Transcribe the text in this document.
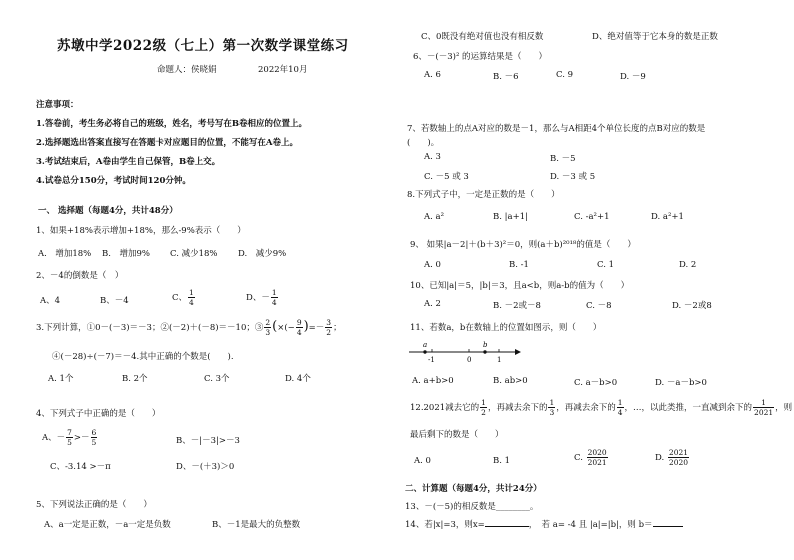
苏墩中学2022级（七上）第一次数学课堂练习
命题人：侯晓娟	2022年10月
注意事项：
1.答卷前，考生务必将自己的班级，姓名，考号写在B卷相应的位置上。
2.选择题选出答案直接写在答题卡对应题目的位置，不能写在A卷上。
3.考试结束后，A卷由学生自己保管，B卷上交。
4.试卷总分150分，考试时间120分钟。
一、 选择题（每题4分，共计48分）
1、如果+18%表示增加+18%，那么-9%表示（　　）
A.　增加18% B.　增加9% C. 减少18% D.　减少9%
2、－4的倒数是（　）
A、4	B、－4	C、 $\frac{1}{4}$	D、－ $\frac{1}{4}$
3.下列计算，①0－(－3)＝－3；②(－2)＋(－8)＝－10；③ $\frac{2}{3}$ (×(− $\frac{9}{4}$ )=－ $\frac{3}{2}$ ；
④(－28)÷(－7)＝－4.其中正确的个数是(　　).
A. 1个	B. 2个	C. 3个	D. 4个
4、下列式子中正确的是（　　）
A、－ $\frac{7}{5} >- \frac{6}{5}$	B、－|－3|>－3
C、-3.14 >－π	D、－(＋3)＞0
5、下列说法正确的是（　　）
A、a一定是正数，－a一定是负数	B、－1是最大的负整数
C、0既没有绝对值也没有相反数	D、绝对值等于它本身的数是正数
6、－(－3)² 的运算结果是（　　）
A. 6	B. －6	C. 9	D. －9
7、若数轴上的点A对应的数是－1，那么与A相距4个单位长度的点B对应的数是
(　　)。
A. 3	B. －5
C. －5 或 3	D. －3 或 5
8.下列式子中，一定是正数的是（　　）
A. a²	B. |a+1|	C. -a²+1	D. a²+1
9、 如果|a－2|＋(b＋3)²＝0，则(a＋b)²⁰¹⁸的值是（　　）
A. 0	B. -1	C. 1	D. 2
10、已知|a|＝5，|b|＝3，且a<b，则a-b的值为（　　）
A. 2	B. －2或－8	C. －8	D. －2或8
11、若数a，b在数轴上的位置如图示，则（　　）
a	b
-1	0	1
A. a+b>0	B. ab>0	C. a－b>0	D. －a－b>0
12.2021减去它的 $\frac{1}{2}$ ，再减去余下的 $\frac{1}{3}$ ，再减去余下的 $\frac{1}{4}$ ，…，以此类推，一直减到余下的 $\frac{1}{2021}$ ，则
最后剩下的数是（　　）
A. 0	B. 1	C. $\frac{2020}{2021}$	D. $\frac{2021}{2020}$
二、计算题（每题4分，共计24分）
13、－(－5)的相反数是________。
14、若|x|=3，则x=	，　若 a= -4 且 |a|=|b|，则 b＝
